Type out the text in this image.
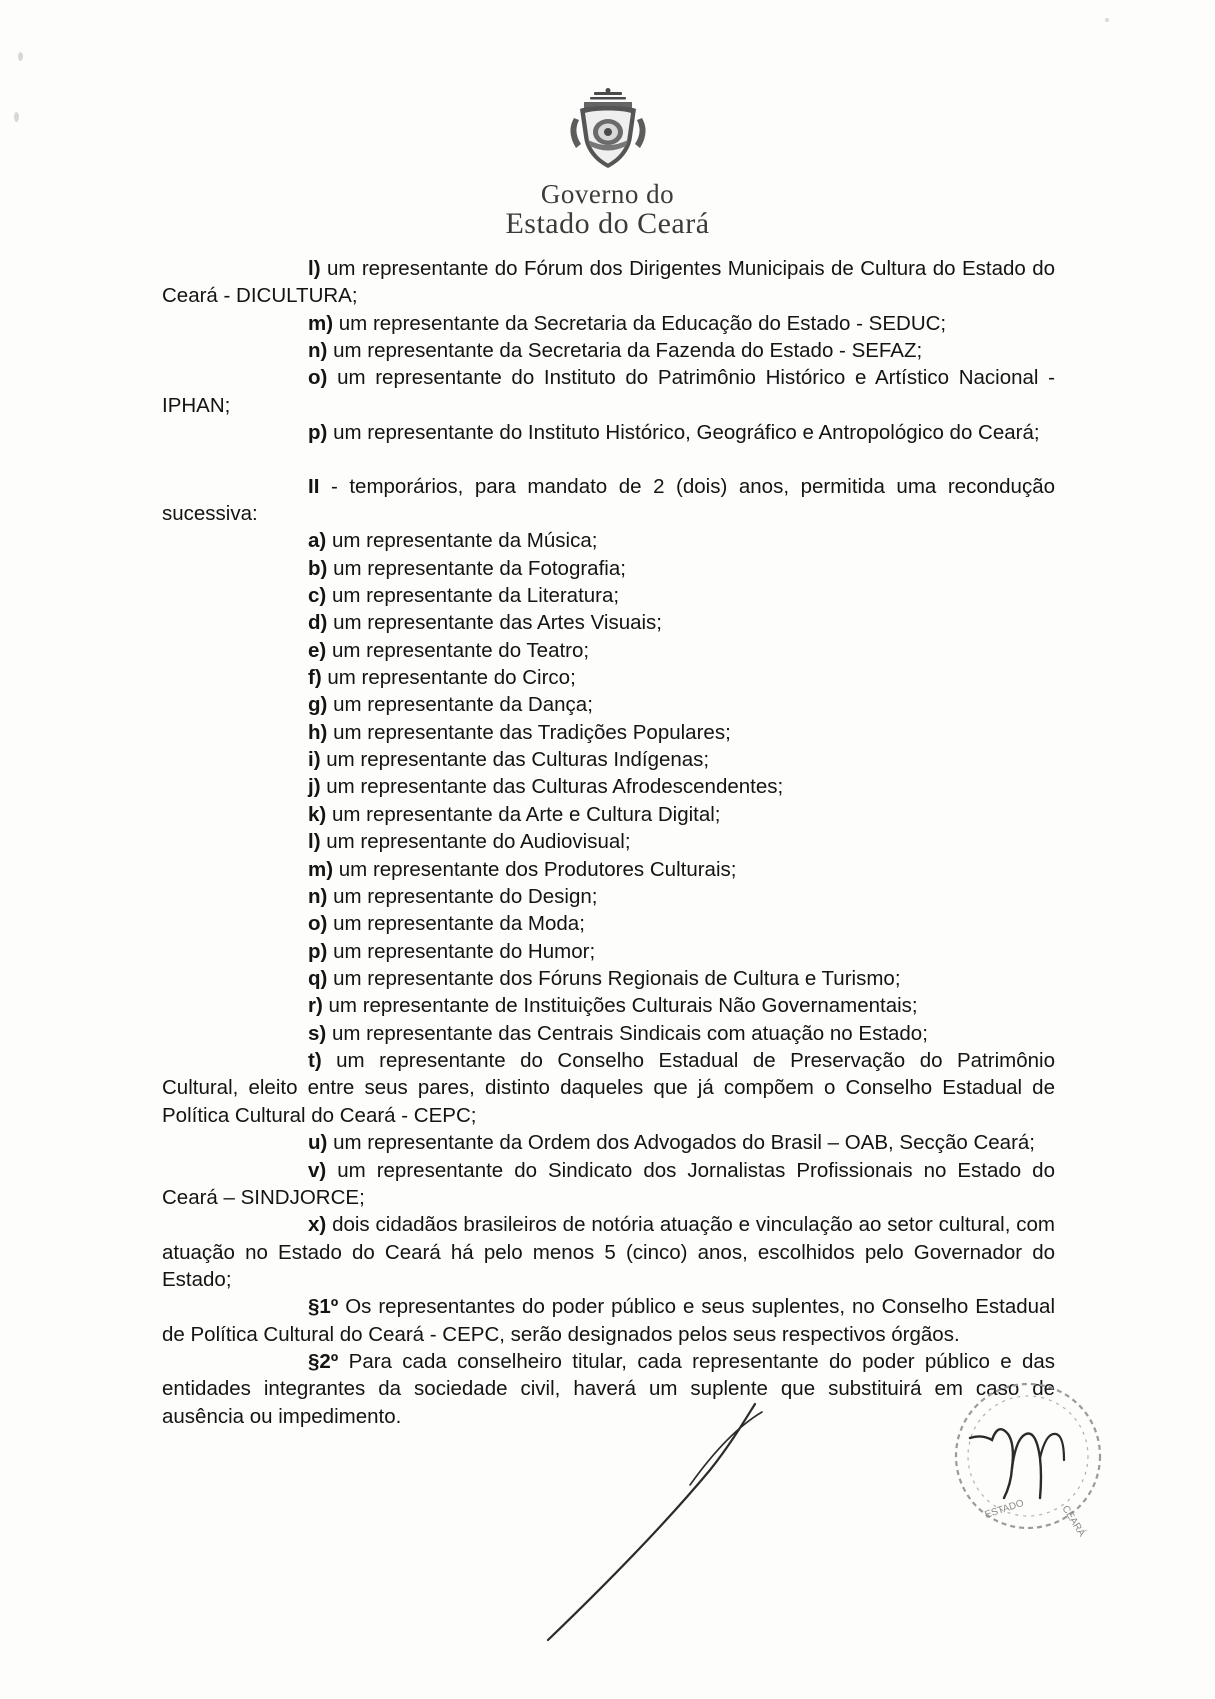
Governo do
Estado do Ceará

l) um representante do Fórum dos Dirigentes Municipais de Cultura do Estado do Ceará - DICULTURA;

m) um representante da Secretaria da Educação do Estado - SEDUC;

n) um representante da Secretaria da Fazenda do Estado - SEFAZ;

o) um representante do Instituto do Patrimônio Histórico e Artístico Nacional - IPHAN;

p) um representante do Instituto Histórico, Geográfico e Antropológico do Ceará;

II - temporários, para mandato de 2 (dois) anos, permitida uma recondução sucessiva:

a) um representante da Música;

b) um representante da Fotografia;

c) um representante da Literatura;

d) um representante das Artes Visuais;

e) um representante do Teatro;

f) um representante do Circo;

g) um representante da Dança;

h) um representante das Tradições Populares;

i) um representante das Culturas Indígenas;

j) um representante das Culturas Afrodescendentes;

k) um representante da Arte e Cultura Digital;

l) um representante do Audiovisual;

m) um representante dos Produtores Culturais;

n) um representante do Design;

o) um representante da Moda;

p) um representante do Humor;

q) um representante dos Fóruns Regionais de Cultura e Turismo;

r) um representante de Instituições Culturais Não Governamentais;

s) um representante das Centrais Sindicais com atuação no Estado;

t) um representante do Conselho Estadual de Preservação do Patrimônio Cultural, eleito entre seus pares, distinto daqueles que já compõem o Conselho Estadual de Política Cultural do Ceará - CEPC;

u) um representante da Ordem dos Advogados do Brasil – OAB, Secção Ceará;

v) um representante do Sindicato dos Jornalistas Profissionais no Estado do Ceará – SINDJORCE;

x) dois cidadãos brasileiros de notória atuação e vinculação ao setor cultural, com atuação no Estado do Ceará há pelo menos 5 (cinco) anos, escolhidos pelo Governador do Estado;

§1º Os representantes do poder público e seus suplentes, no Conselho Estadual de Política Cultural do Ceará - CEPC, serão designados pelos seus respectivos órgãos.

§2º Para cada conselheiro titular, cada representante do poder público e das entidades integrantes da sociedade civil, haverá um suplente que substituirá em caso de ausência ou impedimento.

ESTADO	CEARÁ
